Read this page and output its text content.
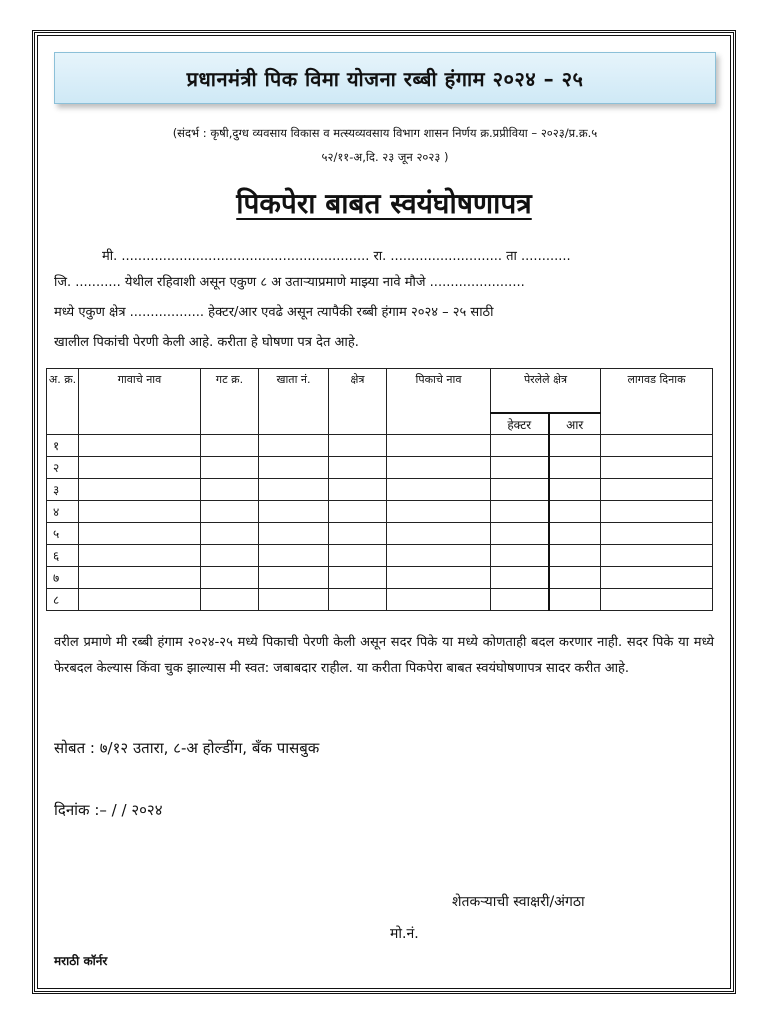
प्रधानमंत्री पिक विमा योजना रब्बी हंगाम २०२४ – २५
(संदर्भ : कृषी,दुग्ध व्यवसाय विकास व मत्स्यव्यवसाय विभाग शासन निर्णय क्र.प्रप्रीविया – २०२३/प्र.क्र.५
५२/११-अ,दि. २३ जून २०२३ )
पिकपेरा बाबत स्वयंघोषणापत्र
मी. ............................................................ रा. ........................... ता ............
जि. ........... येथील रहिवाशी असून एकुण ८ अ उताऱ्याप्रमाणे माझ्या नावे मौजे .......................
मध्ये एकुण क्षेत्र .................. हेक्टर/आर एवढे असून त्यापैकी रब्बी हंगाम २०२४ – २५ साठी
खालील पिकांची पेरणी केली आहे. करीता हे घोषणा पत्र देत आहे.
अ. क्र.	गावाचे नाव	गट क्र.	खाता नं.	क्षेत्र	पिकाचे नाव	पेरलेले क्षेत्र		लागवड दिनाक
						हेक्टर	आर	
१								
२								
३								
४								
५								
६								
७								
८								
वरील प्रमाणे मी रब्बी हंगाम २०२४-२५ मध्ये पिकाची पेरणी केली असून सदर पिके या मध्ये कोणताही बदल करणार नाही. सदर पिके या मध्ये फेरबदल केल्यास किंवा चुक झाल्यास मी स्वत: जबाबदार राहील. या करीता पिकपेरा बाबत स्वयंघोषणापत्र सादर करीत आहे.
सोबत : ७/१२ उतारा, ८-अ होल्डींग, बँक पासबुक
दिनांक :– / / २०२४
शेतकऱ्याची स्वाक्षरी/अंगठा
मो.नं.
मराठी कॉर्नर
